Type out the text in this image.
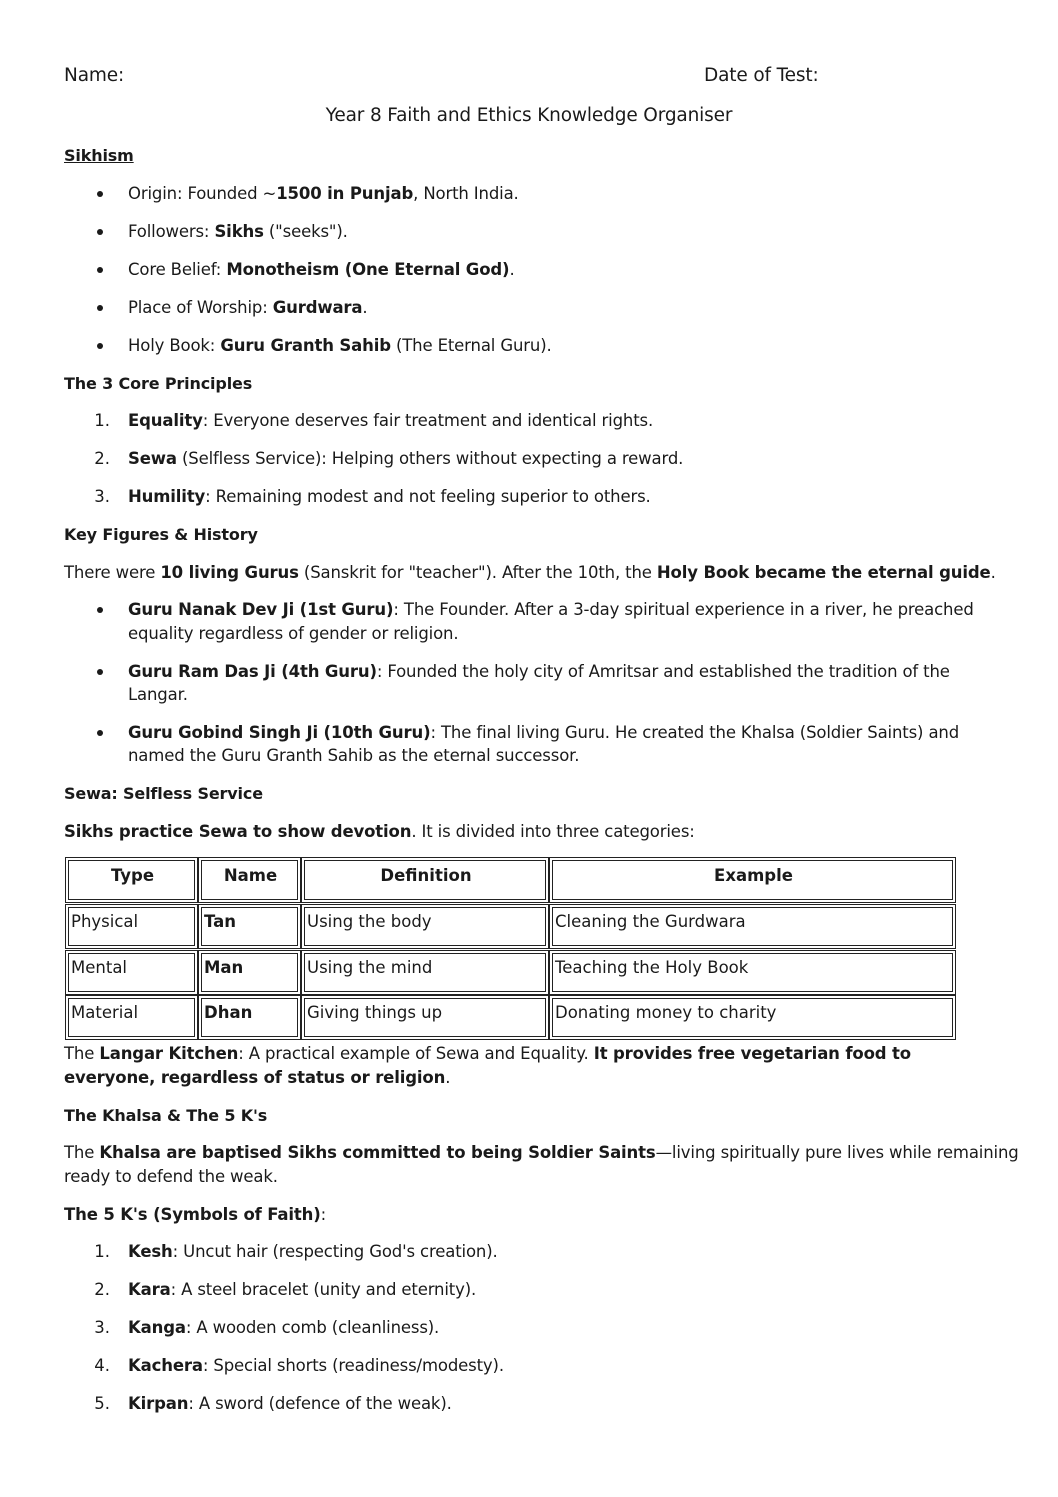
Name:	Date of Test:
Year 8 Faith and Ethics Knowledge Organiser
Sikhism
Origin: Founded ~1500 in Punjab, North India.
Followers: Sikhs ("seeks").
Core Belief: Monotheism (One Eternal God).
Place of Worship: Gurdwara.
Holy Book: Guru Granth Sahib (The Eternal Guru).
The 3 Core Principles
1. Equality: Everyone deserves fair treatment and identical rights.
2. Sewa (Selfless Service): Helping others without expecting a reward.
3. Humility: Remaining modest and not feeling superior to others.
Key Figures & History
There were 10 living Gurus (Sanskrit for "teacher"). After the 10th, the Holy Book became the eternal guide.
Guru Nanak Dev Ji (1st Guru): The Founder. After a 3-day spiritual experience in a river, he preached
equality regardless of gender or religion.
Guru Ram Das Ji (4th Guru): Founded the holy city of Amritsar and established the tradition of the
Langar.
Guru Gobind Singh Ji (10th Guru): The final living Guru. He created the Khalsa (Soldier Saints) and
named the Guru Granth Sahib as the eternal successor.
Sewa: Selfless Service
Sikhs practice Sewa to show devotion. It is divided into three categories:
Type	Name	Definition	Example
Physical	Tan	Using the body	Cleaning the Gurdwara
Mental	Man	Using the mind	Teaching the Holy Book
Material	Dhan	Giving things up	Donating money to charity
The Langar Kitchen: A practical example of Sewa and Equality. It provides free vegetarian food to
everyone, regardless of status or religion.
The Khalsa & The 5 K's
The Khalsa are baptised Sikhs committed to being Soldier Saints—living spiritually pure lives while remaining
ready to defend the weak.
The 5 K's (Symbols of Faith):
1. Kesh: Uncut hair (respecting God's creation).
2. Kara: A steel bracelet (unity and eternity).
3. Kanga: A wooden comb (cleanliness).
4. Kachera: Special shorts (readiness/modesty).
5. Kirpan: A sword (defence of the weak).
